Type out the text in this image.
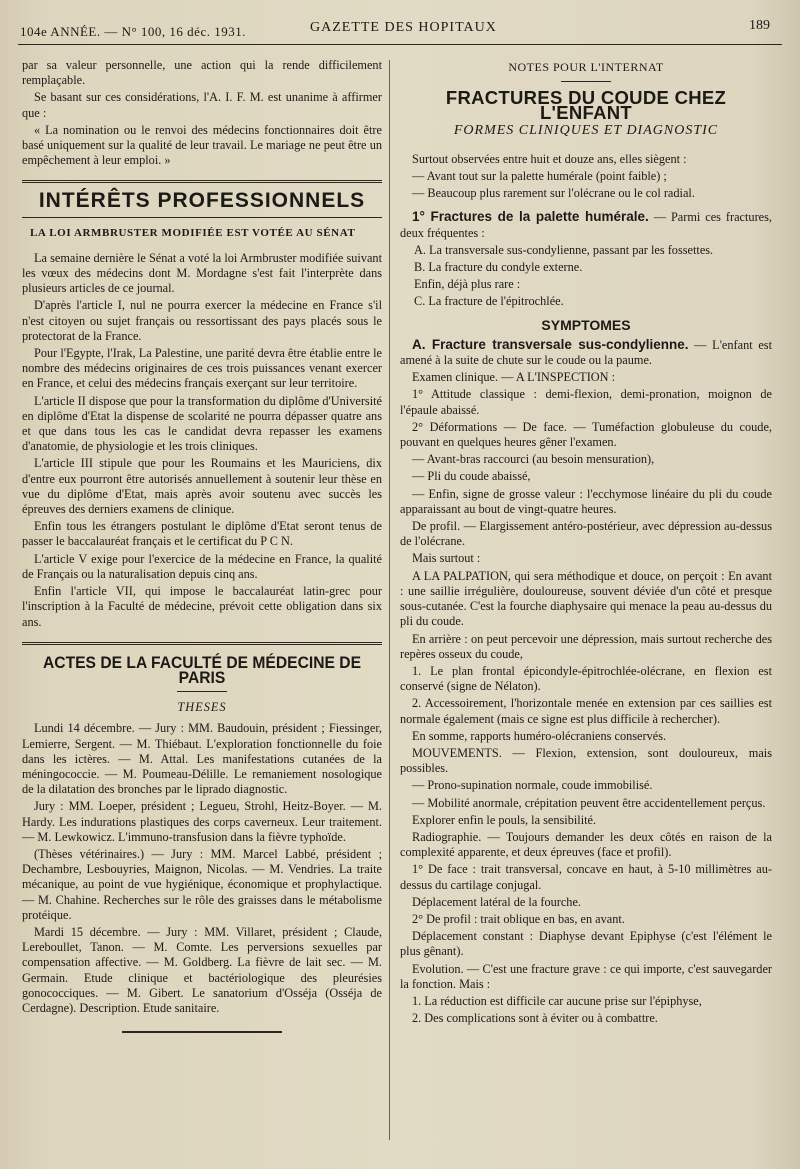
104e ANNÉE. — N° 100, 16 déc. 1931.	GAZETTE DES HOPITAUX	189

par sa valeur personnelle, une action qui la rende difficilement remplaçable.

Se basant sur ces considérations, l'A. I. F. M. est unanime à affirmer que :

« La nomination ou le renvoi des médecins fonctionnaires doit être basé uniquement sur la qualité de leur travail. Le mariage ne peut être un empêchement à leur emploi. »

INTÉRÊTS PROFESSIONNELS
LA LOI ARMBRUSTER MODIFIÉE EST VOTÉE AU SÉNAT

La semaine dernière le Sénat a voté la loi Armbruster modifiée suivant les vœux des médecins dont M. Mordagne s'est fait l'interprète dans plusieurs articles de ce journal.

D'après l'article I, nul ne pourra exercer la médecine en France s'il n'est citoyen ou sujet français ou ressortissant des pays placés sous le protectorat de la France.

Pour l'Egypte, l'Irak, La Palestine, une parité devra être établie entre le nombre des médecins originaires de ces trois puissances venant exercer en France, et celui des médecins français exerçant sur leur territoire.

L'article II dispose que pour la transformation du diplôme d'Université en diplôme d'Etat la dispense de scolarité ne pourra dépasser quatre ans et que dans tous les cas le candidat devra repasser les examens d'anatomie, de physiologie et les trois cliniques.

L'article III stipule que pour les Roumains et les Mauriciens, dix d'entre eux pourront être autorisés annuellement à soutenir leur thèse en vue du diplôme d'Etat, mais après avoir soutenu avec succès les épreuves des derniers examens de clinique.

Enfin tous les étrangers postulant le diplôme d'Etat seront tenus de passer le baccalauréat français et le certificat du P C N.

L'article V exige pour l'exercice de la médecine en France, la qualité de Français ou la naturalisation depuis cinq ans.

Enfin l'article VII, qui impose le baccalauréat latin-grec pour l'inscription à la Faculté de médecine, prévoit cette obligation dans six ans.

ACTES DE LA FACULTÉ DE MÉDECINE DE PARIS
THESES

Lundi 14 décembre. — Jury : MM. Baudouin, président ; Fiessinger, Lemierre, Sergent. — M. Thiébaut. L'exploration fonctionnelle du foie dans les ictères. — M. Attal. Les manifestations cutanées de la méningococcie. — M. Poumeau-Délille. Le remaniement nosologique de la dilatation des bronches par le liprado diagnostic.

Jury : MM. Loeper, président ; Legueu, Strohl, Heitz-Boyer. — M. Hardy. Les indurations plastiques des corps caverneux. Leur traitement. — M. Lewkowicz. L'immuno-transfusion dans la fièvre typhoïde.

(Thèses vétérinaires.) — Jury : MM. Marcel Labbé, président ; Dechambre, Lesbouyries, Maignon, Nicolas. — M. Vendries. La traite mécanique, au point de vue hygiénique, économique et prophylactique. — M. Chahine. Recherches sur le rôle des graisses dans le métabolisme protéique.

Mardi 15 décembre. — Jury : MM. Villaret, président ; Claude, Lereboullet, Tanon. — M. Comte. Les perversions sexuelles par compensation affective. — M. Goldberg. La fièvre de lait sec. — M. Germain. Etude clinique et bactériologique des pleurésies gonococciques. — M. Gibert. Le sanatorium d'Osséja (Osséja de Cerdagne). Description. Etude sanitaire.

NOTES POUR L'INTERNAT
FRACTURES DU COUDE CHEZ L'ENFANT
FORMES CLINIQUES ET DIAGNOSTIC

Surtout observées entre huit et douze ans, elles siègent :

— Avant tout sur la palette humérale (point faible) ;

— Beaucoup plus rarement sur l'olécrane ou le col radial.

1° Fractures de la palette humérale. — Parmi ces fractures, deux fréquentes :

A. La transversale sus-condylienne, passant par les fossettes.

B. La fracture du condyle externe.

Enfin, déjà plus rare :

C. La fracture de l'épitrochlée.

SYMPTOMES

A. Fracture transversale sus-condylienne. — L'enfant est amené à la suite de chute sur le coude ou la paume.

Examen clinique. — A L'INSPECTION :

1° Attitude classique : demi-flexion, demi-pronation, moignon de l'épaule abaissé.

2° Déformations — De face. — Tuméfaction globuleuse du coude, pouvant en quelques heures gêner l'examen.

— Avant-bras raccourci (au besoin mensuration),

— Pli du coude abaissé,

— Enfin, signe de grosse valeur : l'ecchymose linéaire du pli du coude apparaissant au bout de vingt-quatre heures.

De profil. — Elargissement antéro-postérieur, avec dépression au-dessus de l'olécrane.

Mais surtout :

A LA PALPATION, qui sera méthodique et douce, on perçoit : En avant : une saillie irrégulière, douloureuse, souvent déviée d'un côté et presque sous-cutanée. C'est la fourche diaphysaire qui menace la peau au-dessus du pli du coude.

En arrière : on peut percevoir une dépression, mais surtout recherche des repères osseux du coude,

1. Le plan frontal épicondyle-épitrochlée-olécrane, en flexion est conservé (signe de Nélaton).

2. Accessoirement, l'horizontale menée en extension par ces saillies est normale également (mais ce signe est plus difficile à rechercher).

En somme, rapports huméro-olécraniens conservés.

MOUVEMENTS. — Flexion, extension, sont douloureux, mais possibles.

— Prono-supination normale, coude immobilisé.

— Mobilité anormale, crépitation peuvent être accidentellement perçus.

Explorer enfin le pouls, la sensibilité.

Radiographie. — Toujours demander les deux côtés en raison de la complexité apparente, et deux épreuves (face et profil).

1° De face : trait transversal, concave en haut, à 5-10 millimètres au-dessus du cartilage conjugal.

Déplacement latéral de la fourche.

2° De profil : trait oblique en bas, en avant.

Déplacement constant : Diaphyse devant Epiphyse (c'est l'élément le plus gênant).

Evolution. — C'est une fracture grave : ce qui importe, c'est sauvegarder la fonction. Mais :

1. La réduction est difficile car aucune prise sur l'épiphyse,

2. Des complications sont à éviter ou à combattre.
